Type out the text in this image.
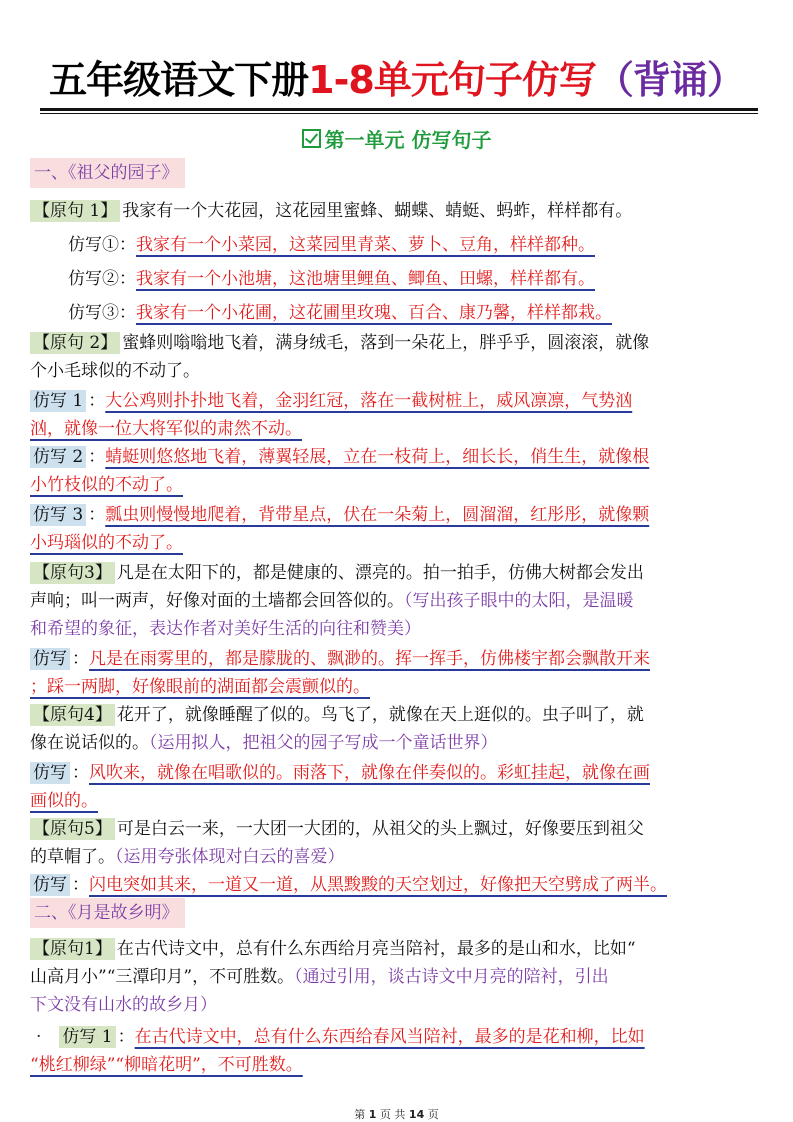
五年级语文下册1-8单元句子仿写（背诵）
第一单元 仿写句子
一、《祖父的园子》
【原句 1】 我家有一个大花园，这花园里蜜蜂、蝴蝶、蜻蜓、蚂蚱，样样都有。
仿写①：我家有一个小菜园，这菜园里青菜、萝卜、豆角，样样都种。
仿写②：我家有一个小池塘，这池塘里鲤鱼、鲫鱼、田螺，样样都有。
仿写③：我家有一个小花圃，这花圃里玫瑰、百合、康乃馨，样样都栽。
【原句 2】 蜜蜂则嗡嗡地飞着，满身绒毛，落到一朵花上，胖乎乎，圆滚滚，就像
个小毛球似的不动了。
仿写 1 ：大公鸡则扑扑地飞着，金羽红冠，落在一截树桩上，威风凛凛，气势汹
汹，就像一位大将军似的肃然不动。
仿写 2 ：蜻蜓则悠悠地飞着，薄翼轻展，立在一枝荷上，细长长，俏生生，就像根
小竹枝似的不动了。
仿写 3 ：瓢虫则慢慢地爬着，背带星点，伏在一朵菊上，圆溜溜，红彤彤，就像颗
小玛瑙似的不动了。
【原句3】 凡是在太阳下的，都是健康的、漂亮的。拍一拍手，仿佛大树都会发出
声响；叫一两声，好像对面的土墙都会回答似的。（写出孩子眼中的太阳，是温暖
和希望的象征，表达作者对美好生活的向往和赞美）
仿写 ：凡是在雨雾里的，都是朦胧的、飘渺的。挥一挥手，仿佛楼宇都会飘散开来
；踩一两脚，好像眼前的湖面都会震颤似的。
【原句4】 花开了，就像睡醒了似的。鸟飞了，就像在天上逛似的。虫子叫了，就
像在说话似的。（运用拟人，把祖父的园子写成一个童话世界）
仿写 ：风吹来，就像在唱歌似的。雨落下，就像在伴奏似的。彩虹挂起，就像在画
画似的。
【原句5】 可是白云一来，一大团一大团的，从祖父的头上飘过，好像要压到祖父
的草帽了。（运用夸张体现对白云的喜爱）
仿写 ：闪电突如其来，一道又一道，从黑黢黢的天空划过，好像把天空劈成了两半。
二、《月是故乡明》
【原句1】 在古代诗文中，总有什么东西给月亮当陪衬，最多的是山和水，比如“
山高月小”“三潭印月”，不可胜数。（通过引用，谈古诗文中月亮的陪衬，引出
下文没有山水的故乡月）
· 仿写 1 ：在古代诗文中，总有什么东西给春风当陪衬，最多的是花和柳，比如
“桃红柳绿”“柳暗花明”，不可胜数。
第 1 页 共 14 页
